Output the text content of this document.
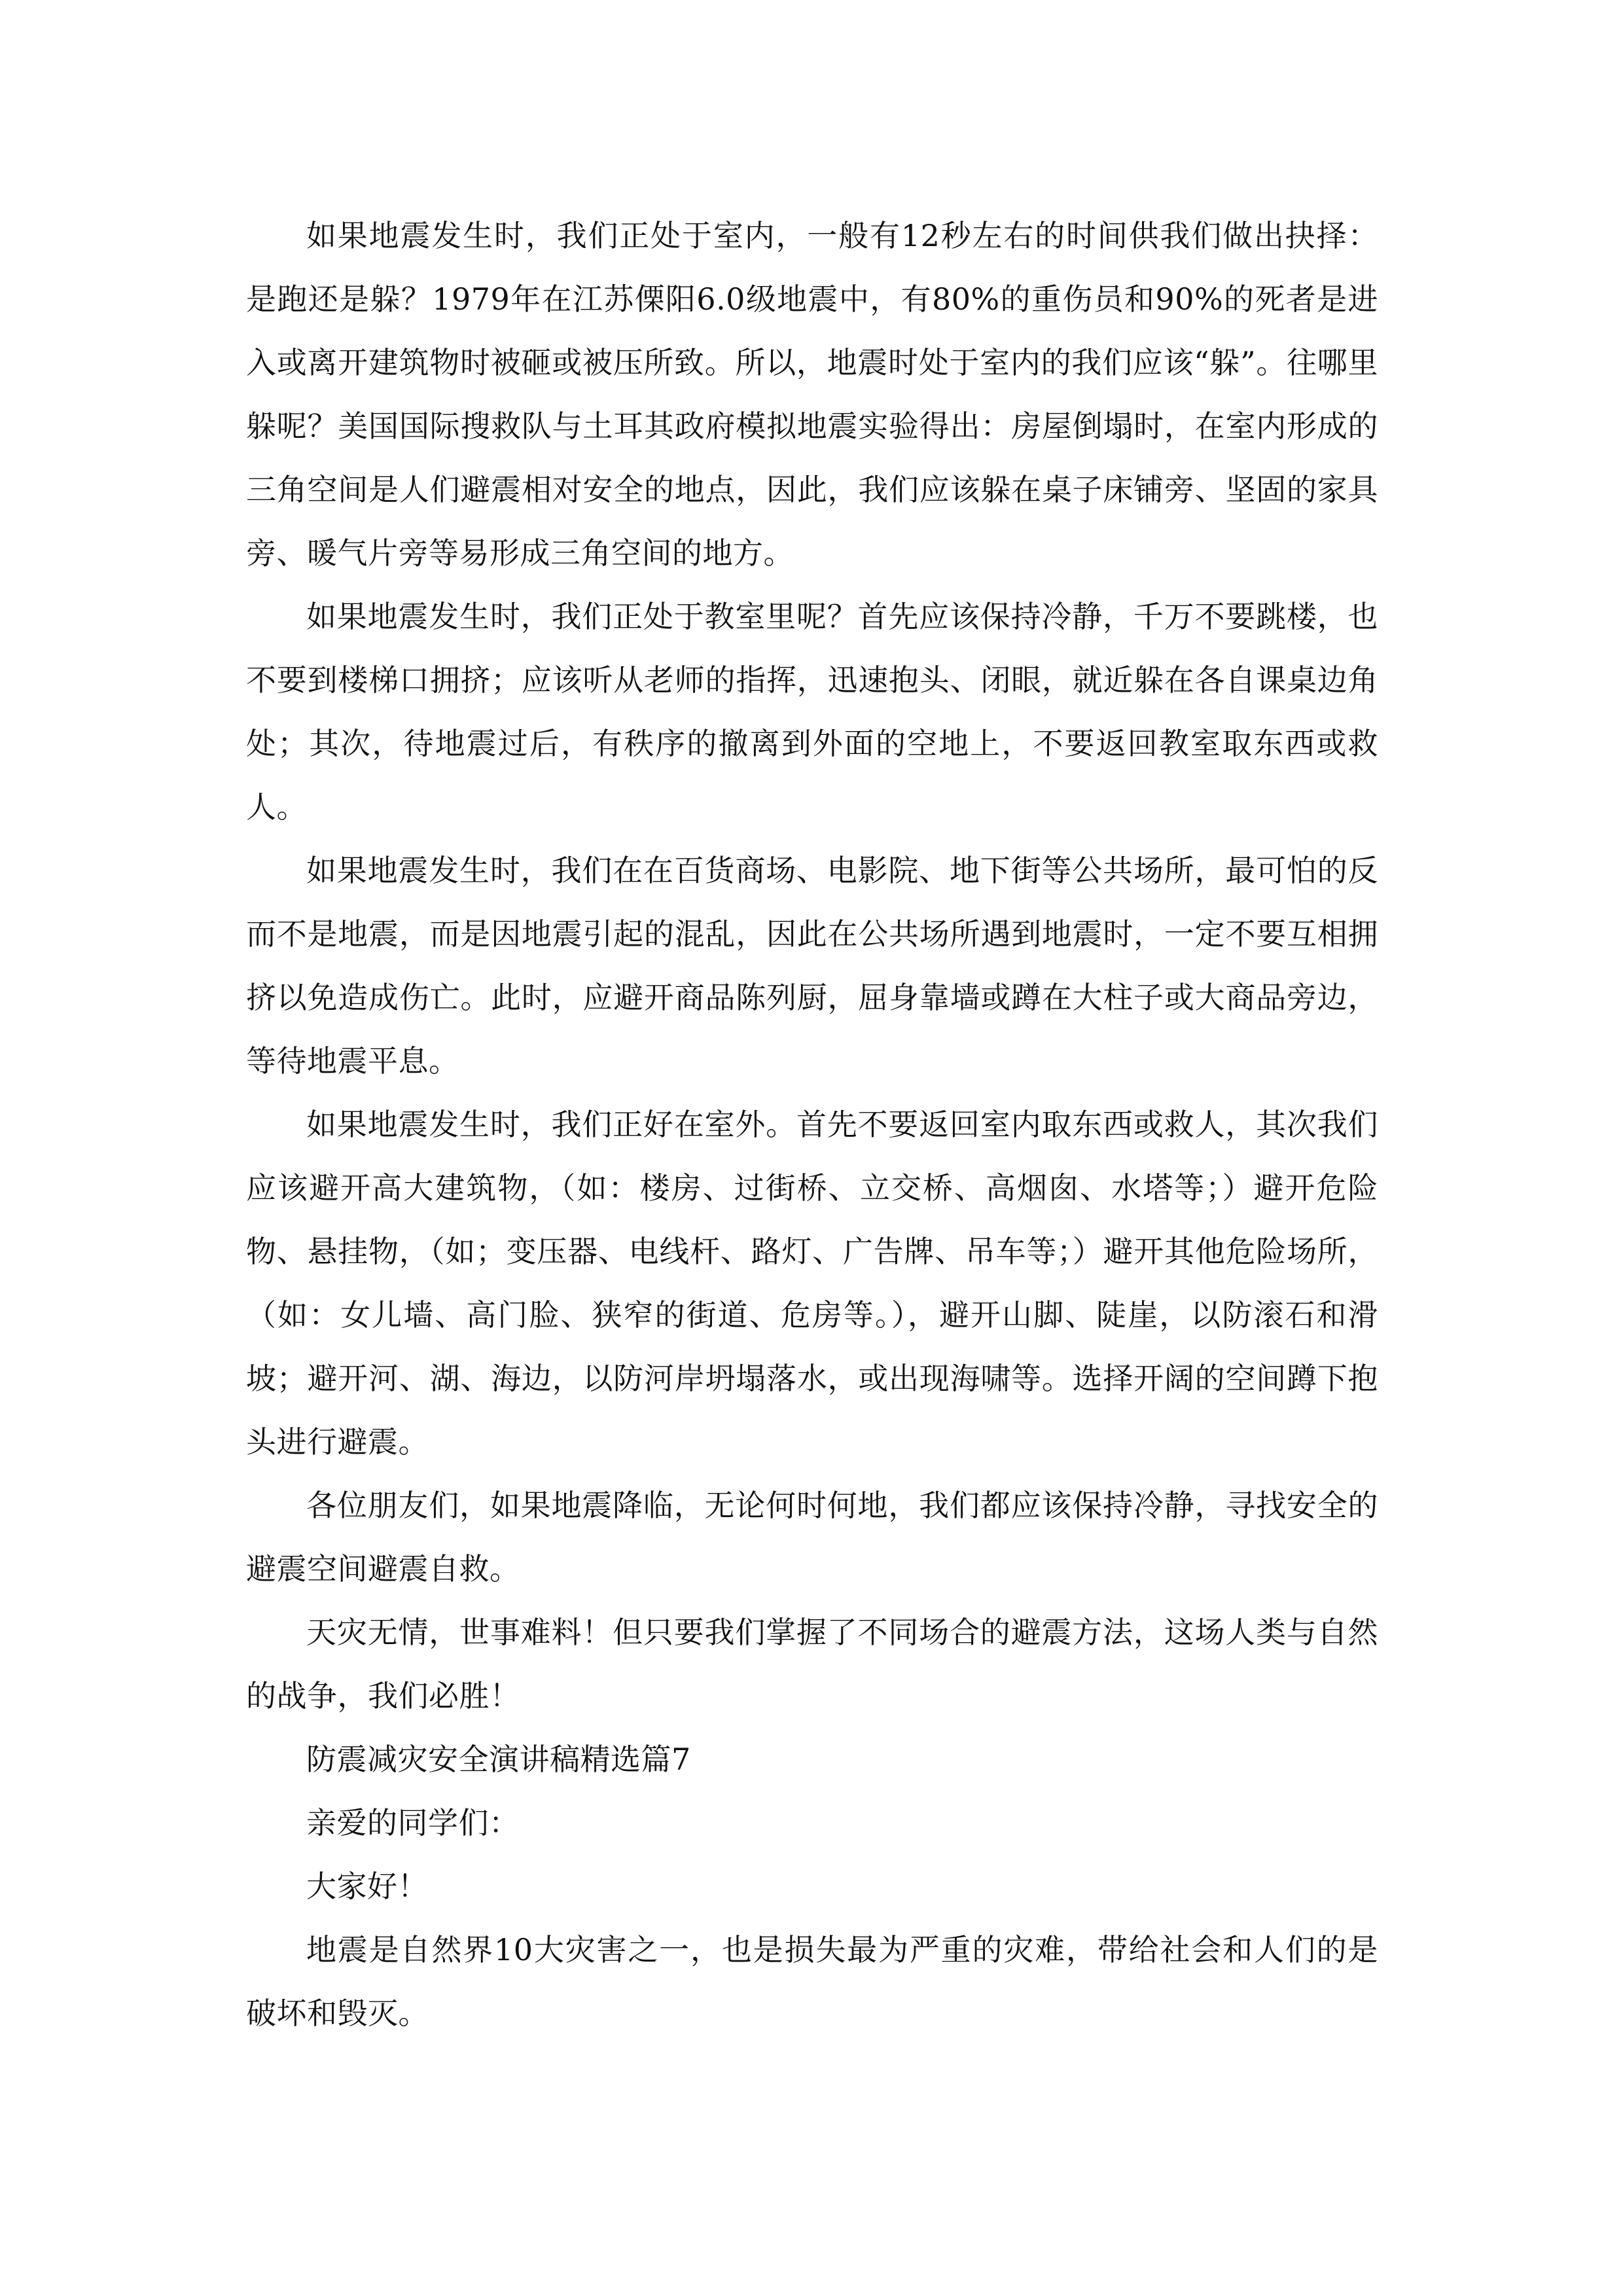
如果地震发生时，我们正处于室内，一般有12秒左右的时间供我们做出抉择：是跑还是躲？1979年在江苏傈阳6.0级地震中，有80%的重伤员和90%的死者是进入或离开建筑物时被砸或被压所致。所以，地震时处于室内的我们应该“躲”。往哪里躲呢？美国国际搜救队与土耳其政府模拟地震实验得出：房屋倒塌时，在室内形成的三角空间是人们避震相对安全的地点，因此，我们应该躲在桌子床铺旁、坚固的家具旁、暖气片旁等易形成三角空间的地方。

如果地震发生时，我们正处于教室里呢？首先应该保持冷静，千万不要跳楼，也不要到楼梯口拥挤；应该听从老师的指挥，迅速抱头、闭眼，就近躲在各自课桌边角处；其次，待地震过后，有秩序的撤离到外面的空地上，不要返回教室取东西或救人。

如果地震发生时，我们在在百货商场、电影院、地下街等公共场所，最可怕的反而不是地震，而是因地震引起的混乱，因此在公共场所遇到地震时，一定不要互相拥挤以免造成伤亡。此时，应避开商品陈列厨，屈身靠墙或蹲在大柱子或大商品旁边，等待地震平息。

如果地震发生时，我们正好在室外。首先不要返回室内取东西或救人，其次我们应该避开高大建筑物，（如：楼房、过街桥、立交桥、高烟囱、水塔等；）避开危险物、悬挂物，（如；变压器、电线杆、路灯、广告牌、吊车等；）避开其他危险场所，（如：女儿墙、高门脸、狭窄的街道、危房等。），避开山脚、陡崖，以防滚石和滑坡；避开河、湖、海边，以防河岸坍塌落水，或出现海啸等。选择开阔的空间蹲下抱头进行避震。

各位朋友们，如果地震降临，无论何时何地，我们都应该保持冷静，寻找安全的避震空间避震自救。

天灾无情，世事难料！但只要我们掌握了不同场合的避震方法，这场人类与自然的战争，我们必胜！

防震减灾安全演讲稿精选篇7

亲爱的同学们：

大家好！

地震是自然界10大灾害之一，也是损失最为严重的灾难，带给社会和人们的是破坏和毁灭。
